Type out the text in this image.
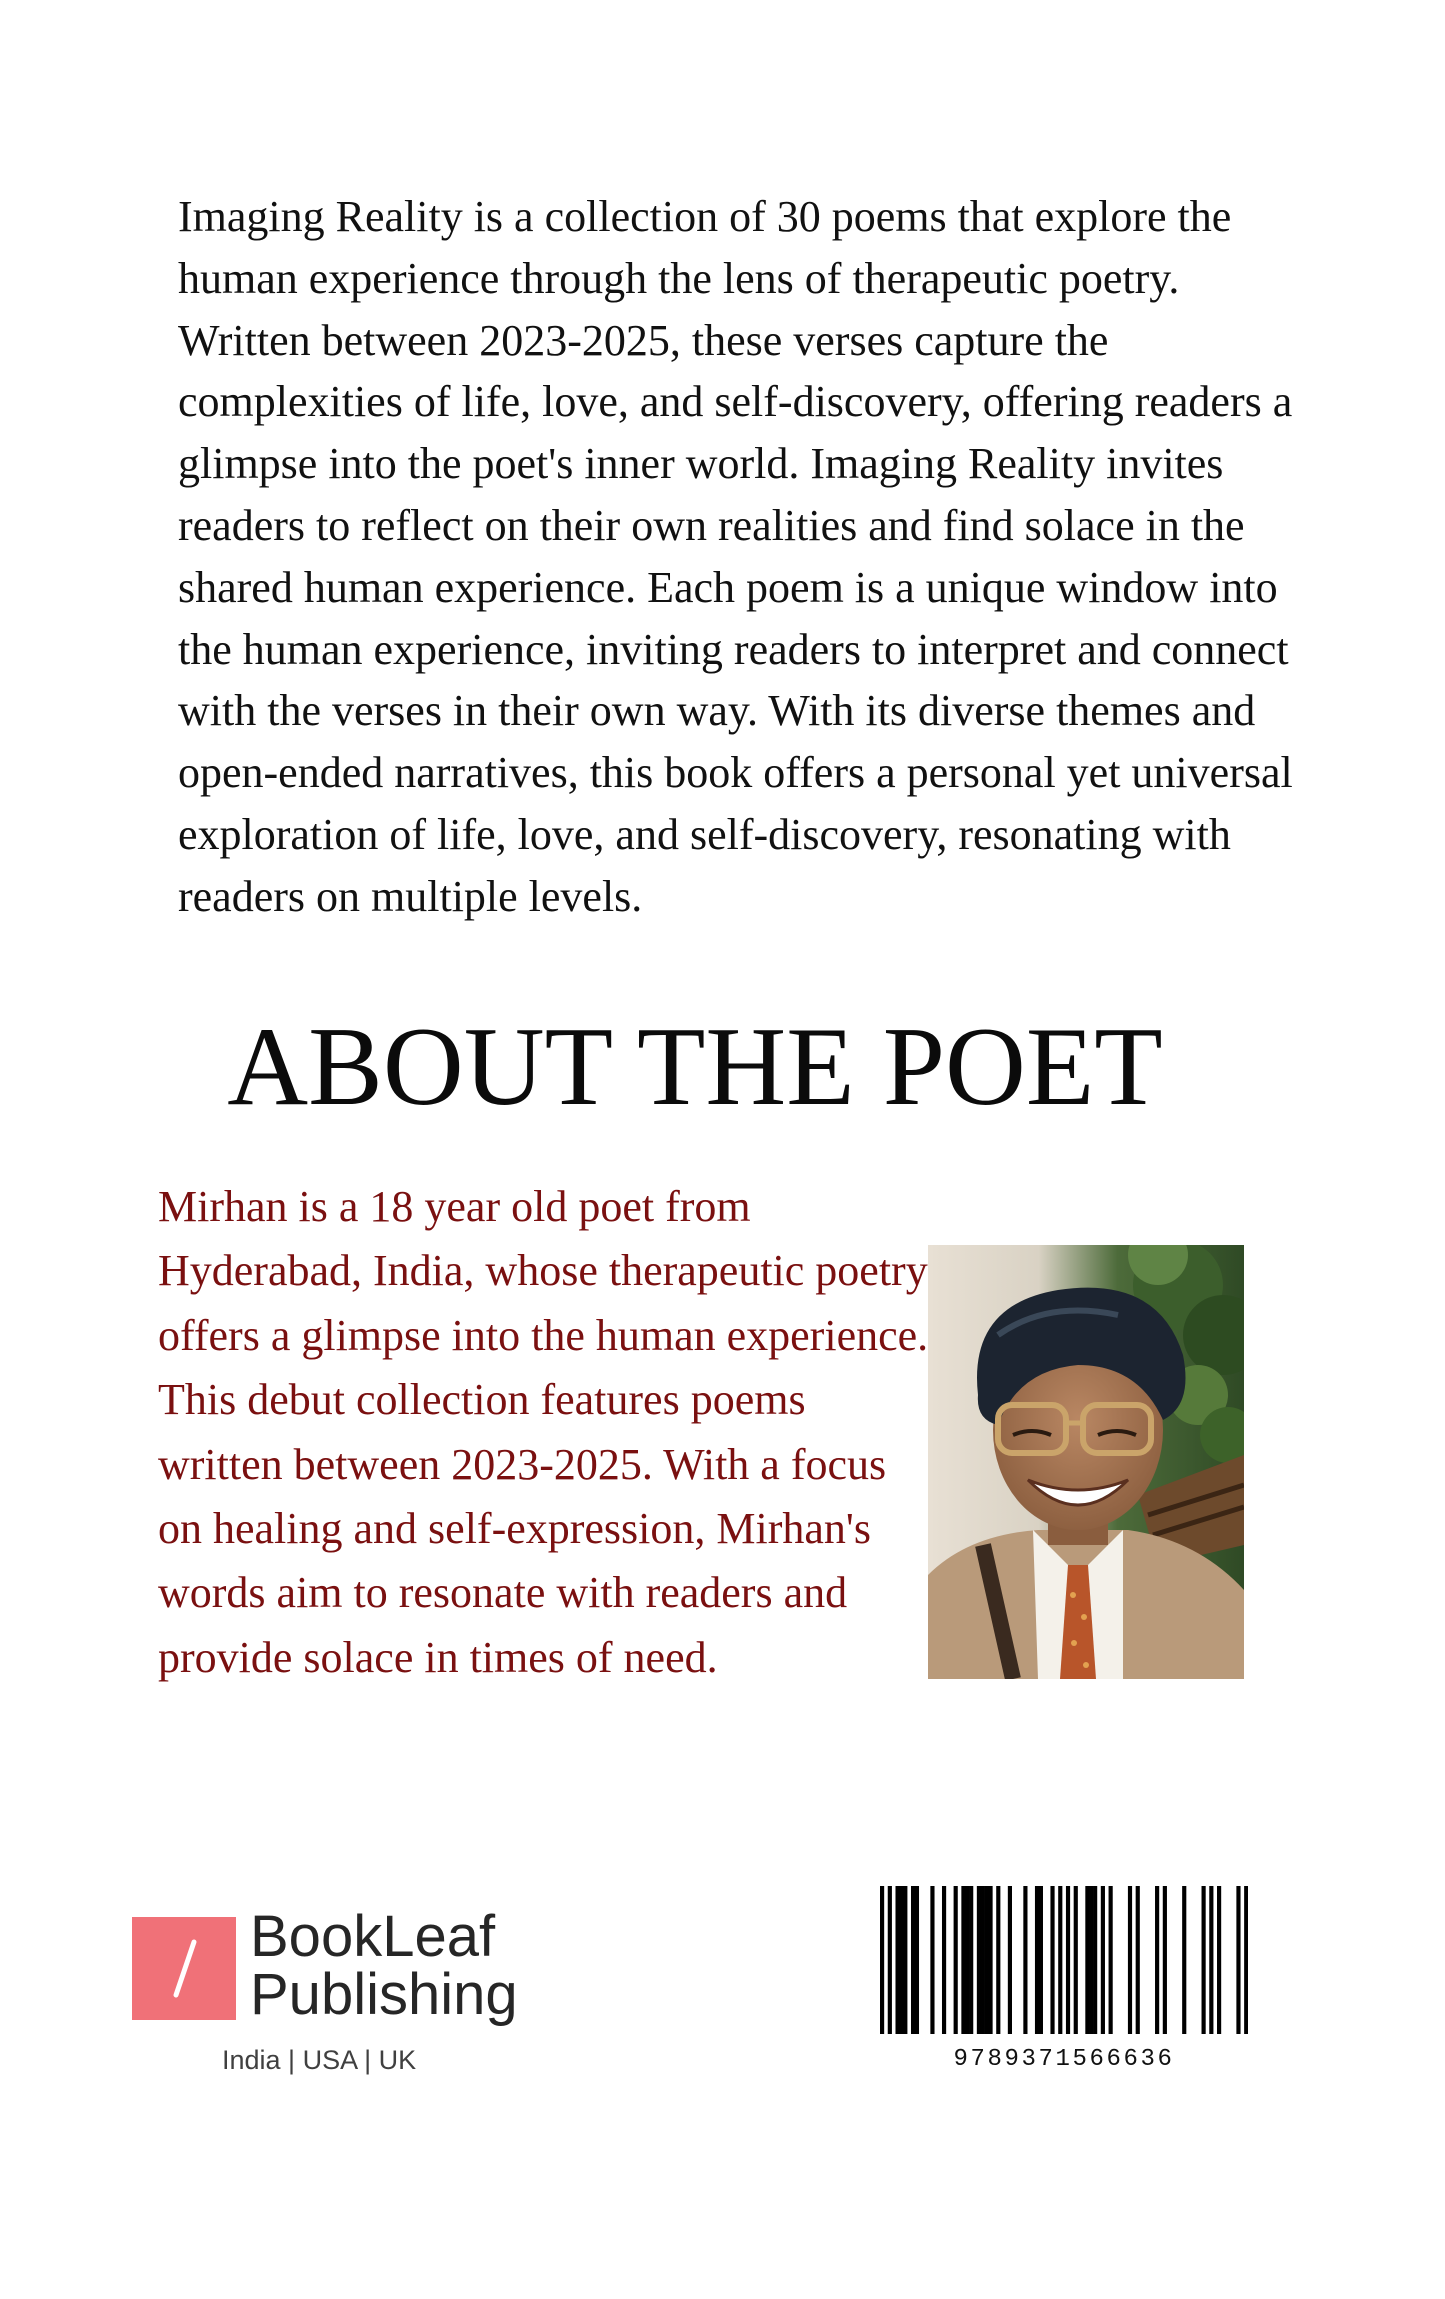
Imaging Reality is a collection of 30 poems that explore the human experience through the lens of therapeutic poetry. Written between 2023-2025, these verses capture the complexities of life, love, and self-discovery, offering readers a glimpse into the poet's inner world. Imaging Reality invites readers to reflect on their own realities and find solace in the shared human experience. Each poem is a unique window into the human experience, inviting readers to interpret and connect with the verses in their own way. With its diverse themes and open-ended narratives, this book offers a personal yet universal exploration of life, love, and self-discovery, resonating with readers on multiple levels.

ABOUT THE POET

Mirhan is a 18 year old poet from Hyderabad, India, whose therapeutic poetry offers a glimpse into the human experience. This debut collection features poems written between 2023-2025. With a focus on healing and self-expression, Mirhan's words aim to resonate with readers and provide solace in times of need.

BookLeaf
Publishing
India | USA | UK	9789371566636
